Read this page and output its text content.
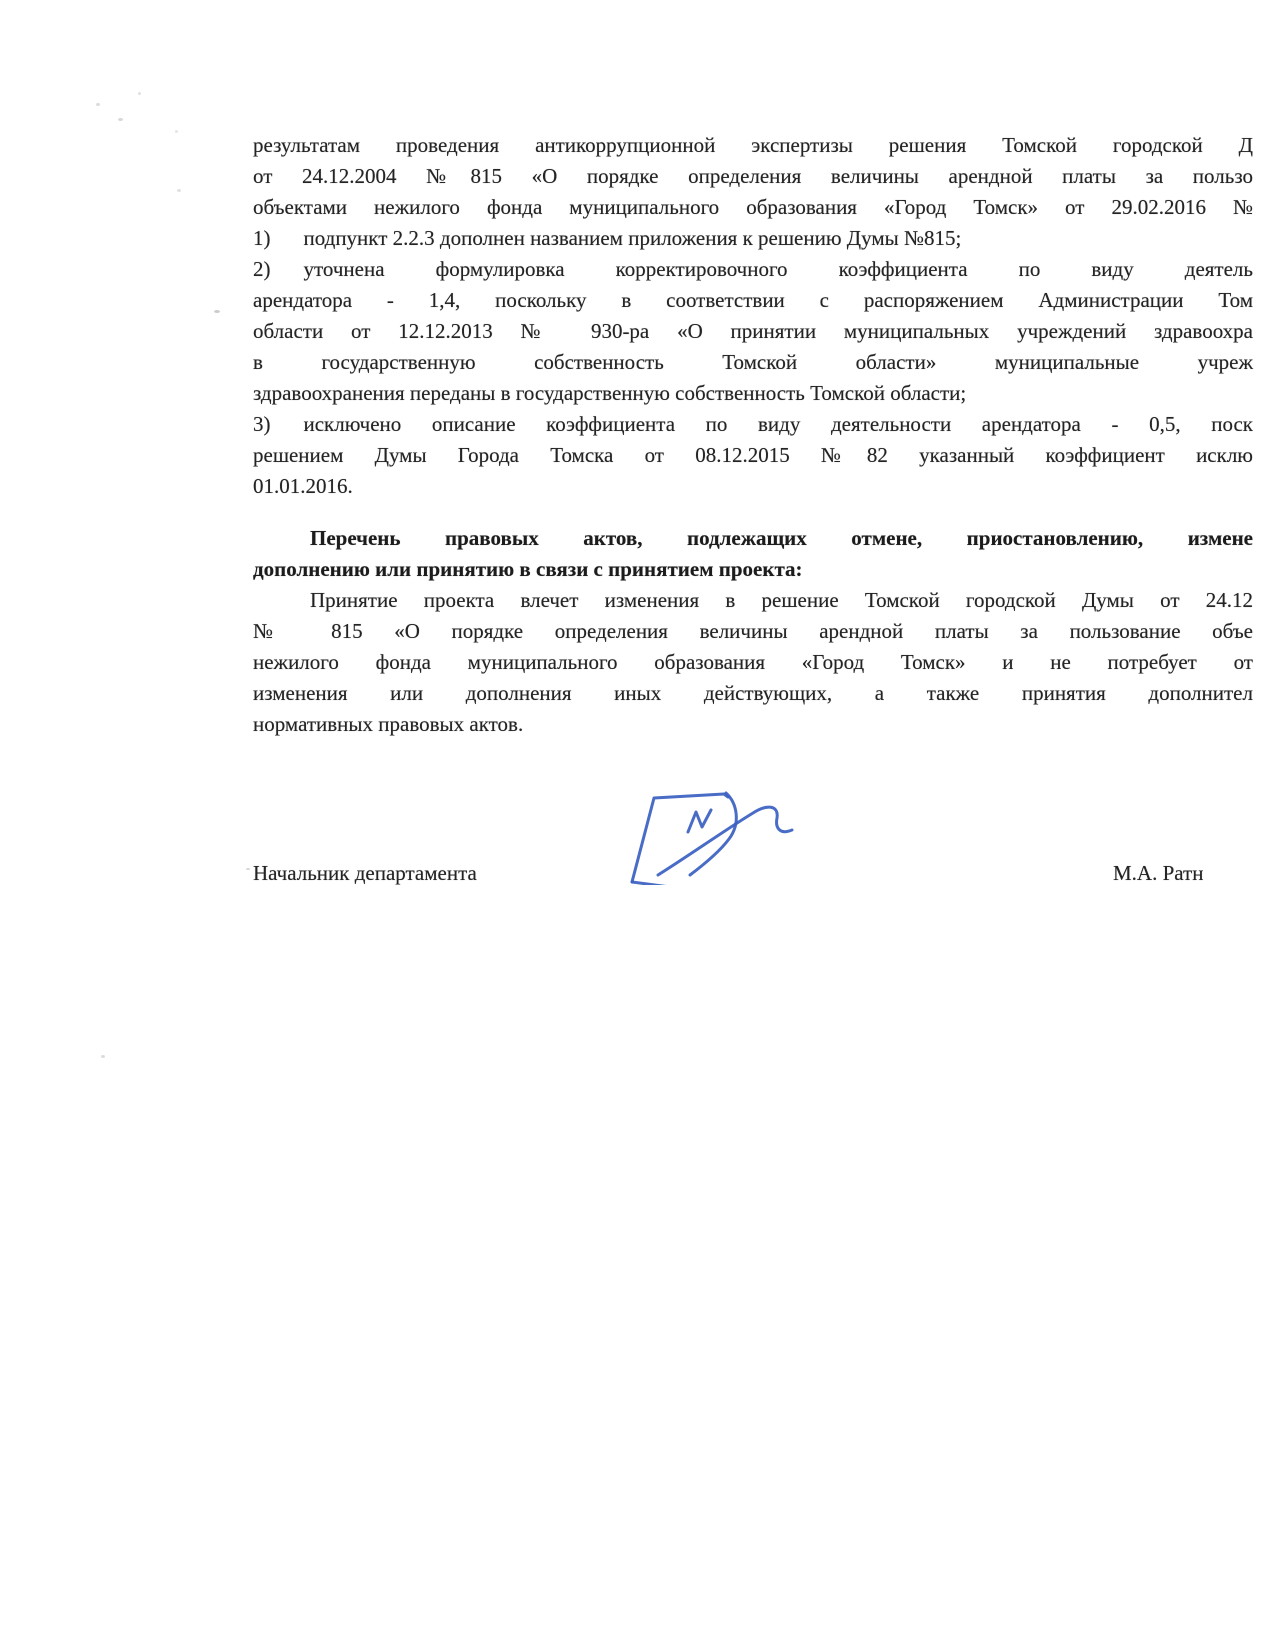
результатам проведения антикоррупционной экспертизы решения Томской городской Д
от 24.12.2004 №815 «О порядке определения величины арендной платы за пользо
объектами нежилого фонда муниципального образования «Город Томск» от 29.02.2016 №
1) подпункт 2.2.3 дополнен названием приложения к решению Думы №815;
2) уточнена формулировка корректировочного коэффициента по виду деятель
арендатора - 1,4, поскольку в соответствии с распоряжением Администрации Том
области от 12.12.2013 № 930-ра «О принятии муниципальных учреждений здравоохра
в государственную собственность Томской области» муниципальные учреж
здравоохранения переданы в государственную собственность Томской области;
3) исключено описание коэффициента по виду деятельности арендатора - 0,5, поск
решением Думы Города Томска от 08.12.2015 №82 указанный коэффициент исклю
01.01.2016.
Перечень правовых актов, подлежащих отмене, приостановлению, измене
дополнению или принятию в связи с принятием проекта:
Принятие проекта влечет изменения в решение Томской городской Думы от 24.12
№ 815 «О порядке определения величины арендной платы за пользование объе
нежилого фонда муниципального образования «Город Томск» и не потребует от
изменения или дополнения иных действующих, а также принятия дополнител
нормативных правовых актов.
Начальник департамента	М.А. Ратн
